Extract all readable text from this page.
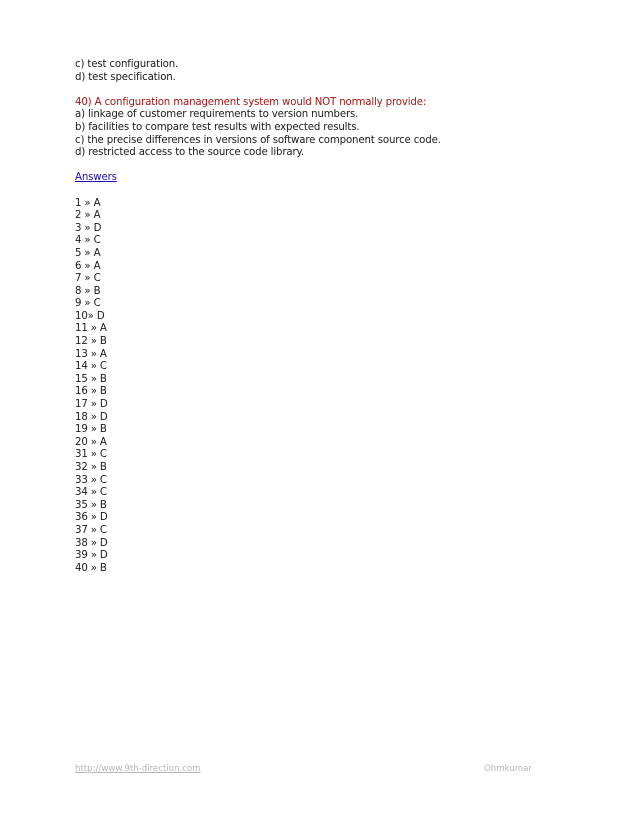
c) test configuration.
d) test specification.
40) A configuration management system would NOT normally provide:
a) linkage of customer requirements to version numbers.
b) facilities to compare test results with expected results.
c) the precise differences in versions of software component source code.
d) restricted access to the source code library.
Answers
1 » A
2 » A
3 » D
4 » C
5 » A
6 » A
7 » C
8 » B
9 » C
10» D
11 » A
12 » B
13 » A
14 » C
15 » B
16 » B
17 » D
18 » D
19 » B
20 » A
31 » C
32 » B
33 » C
34 » C
35 » B
36 » D
37 » C
38 » D
39 » D
40 » B
http://www.9th-direction.com	Ohmkumar
